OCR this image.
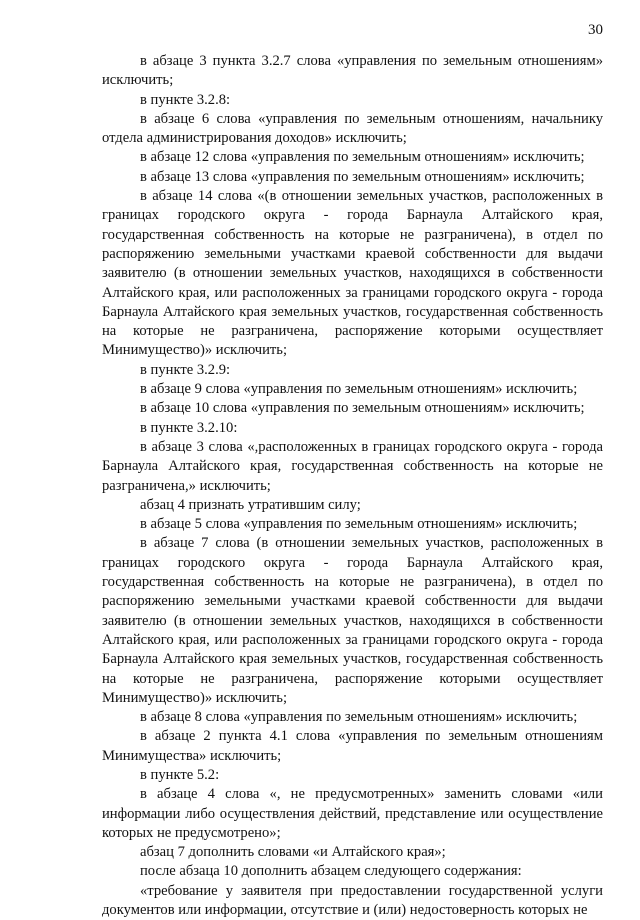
30

в абзаце 3 пункта 3.2.7 слова «управления по земельным отношениям» исключить;

в пункте 3.2.8:

в абзаце 6 слова «управления по земельным отношениям, начальнику отдела администрирования доходов» исключить;

в абзаце 12 слова «управления по земельным отношениям» исключить;

в абзаце 13 слова «управления по земельным отношениям» исключить;

в абзаце 14 слова «(в отношении земельных участков, расположенных в границах городского округа - города Барнаула Алтайского края, государственная собственность на которые не разграничена), в отдел по распоряжению земельными участками краевой собственности для выдачи заявителю (в отношении земельных участков, находящихся в собственности Алтайского края, или расположенных за границами городского округа - города Барнаула Алтайского края земельных участков, государственная собственность на которые не разграничена, распоряжение которыми осуществляет Минимущество)» исключить;

в пункте 3.2.9:

в абзаце 9 слова «управления по земельным отношениям» исключить;

в абзаце 10 слова «управления по земельным отношениям» исключить;

в пункте 3.2.10:

в абзаце 3 слова «,расположенных в границах городского округа - города Барнаула Алтайского края, государственная собственность на которые не разграничена,» исключить;

абзац 4 признать утратившим силу;

в абзаце 5 слова «управления по земельным отношениям» исключить;

в абзаце 7 слова (в отношении земельных участков, расположенных в границах городского округа - города Барнаула Алтайского края, государственная собственность на которые не разграничена), в отдел по распоряжению земельными участками краевой собственности для выдачи заявителю (в отношении земельных участков, находящихся в собственности Алтайского края, или расположенных за границами городского округа - города Барнаула Алтайского края земельных участков, государственная собственность на которые не разграничена, распоряжение которыми осуществляет Минимущество)» исключить;

в абзаце 8 слова «управления по земельным отношениям» исключить;

в абзаце 2 пункта 4.1 слова «управления по земельным отношениям Минимущества» исключить;

в пункте 5.2:

в абзаце 4 слова «, не предусмотренных» заменить словами «или информации либо осуществления действий, представление или осуществление которых не предусмотрено»;

абзац 7 дополнить словами «и Алтайского края»;

после абзаца 10 дополнить абзацем следующего содержания:

«требование у заявителя при предоставлении государственной услуги документов или информации, отсутствие и (или) недостоверность которых не
